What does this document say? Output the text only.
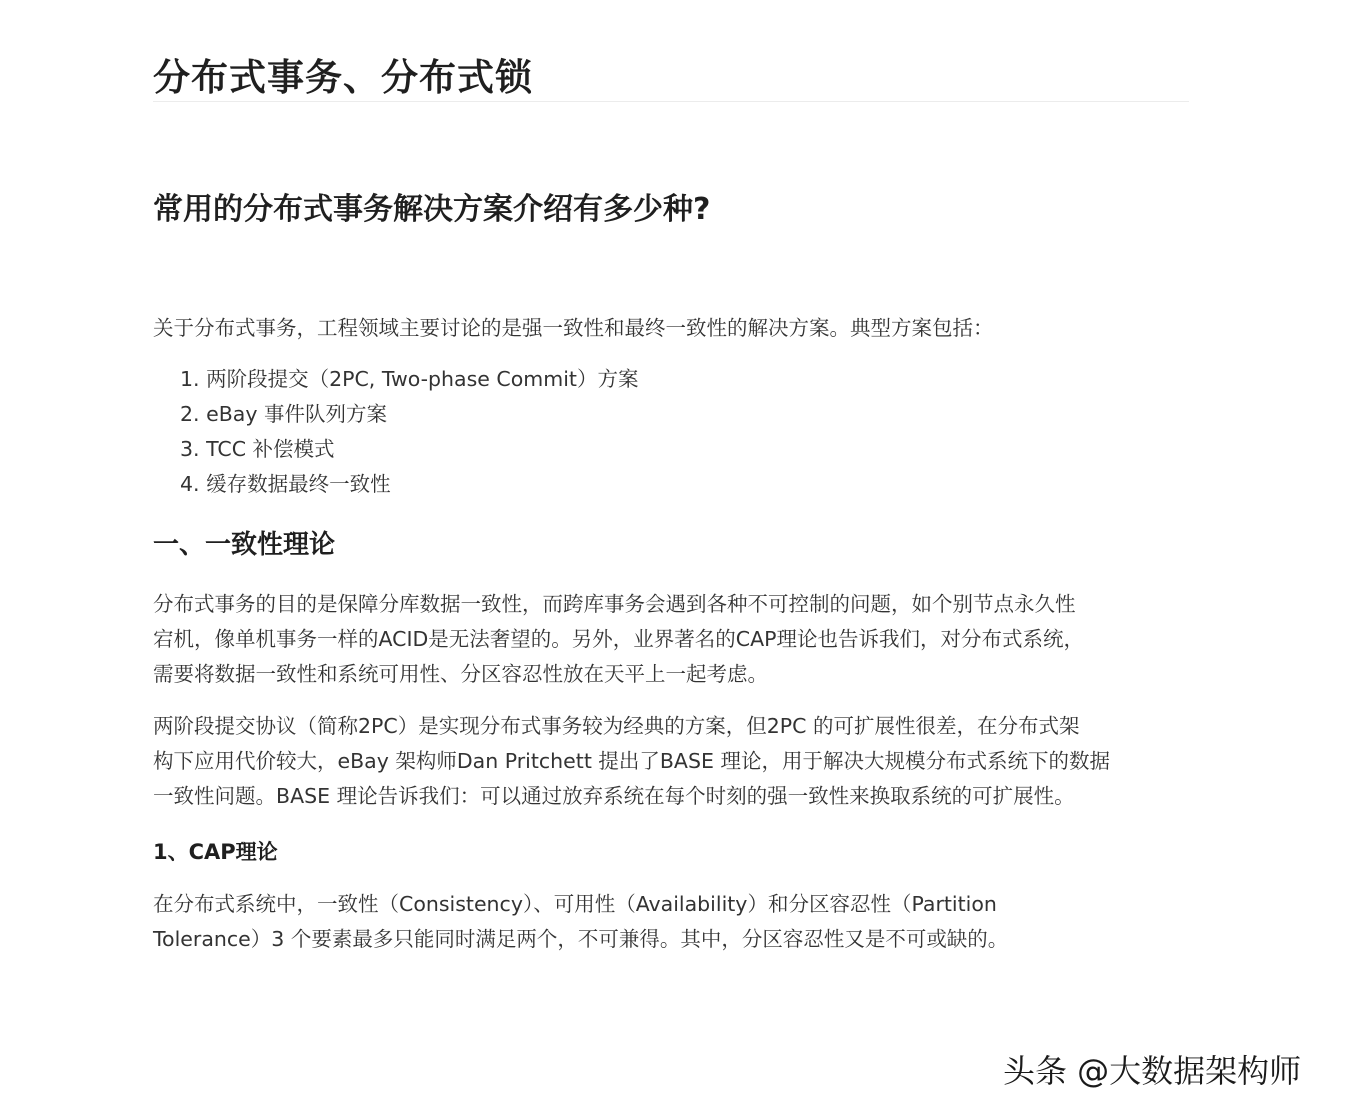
分布式事务、分布式锁
常用的分布式事务解决方案介绍有多少种?

关于分布式事务，工程领域主要讨论的是强一致性和最终一致性的解决方案。典型方案包括：

1. 两阶段提交（2PC, Two-phase Commit）方案
2. eBay 事件队列方案
3. TCC 补偿模式
4. 缓存数据最终一致性
一、一致性理论

分布式事务的目的是保障分库数据一致性，而跨库事务会遇到各种不可控制的问题，如个别节点永久性
宕机，像单机事务一样的ACID是无法奢望的。另外，业界著名的CAP理论也告诉我们，对分布式系统，
需要将数据一致性和系统可用性、分区容忍性放在天平上一起考虑。

两阶段提交协议（简称2PC）是实现分布式事务较为经典的方案，但2PC 的可扩展性很差，在分布式架
构下应用代价较大，eBay 架构师Dan Pritchett 提出了BASE 理论，用于解决大规模分布式系统下的数据
一致性问题。BASE 理论告诉我们：可以通过放弃系统在每个时刻的强一致性来换取系统的可扩展性。

1、CAP理论

在分布式系统中，一致性（Consistency）、可用性（Availability）和分区容忍性（Partition
Tolerance）3 个要素最多只能同时满足两个，不可兼得。其中，分区容忍性又是不可或缺的。

头条 @大数据架构师
